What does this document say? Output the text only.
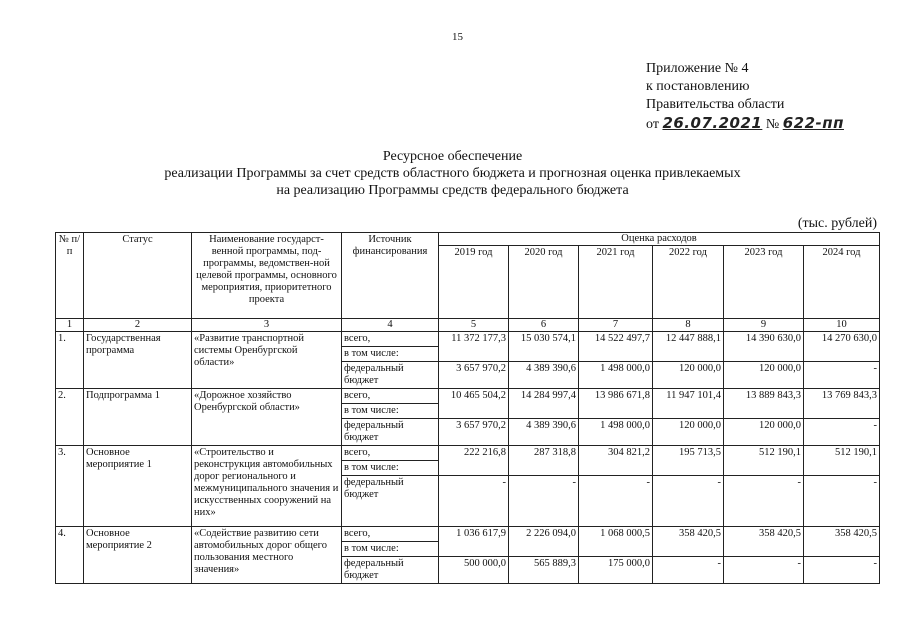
15
Приложение № 4
к постановлению
Правительства области
от 26.07.2021 № 622-пп
Ресурсное обеспечение
реализации Программы за счет средств областного бюджета и прогнозная оценка привлекаемых
на реализацию Программы средств федерального бюджета
(тыс. рублей)
№ п/п	Статус	Наименование государст-венной программы, под-программы, ведомствен-ной целевой программы, основного мероприятия, приоритетного проекта	Источник финансирования	Оценка расходов					
				2019 год	2020 год	2021 год	2022 год	2023 год	2024 год
1	2	3	4	5	6	7	8	9	10
1.	Государственная программа	«Развитие транспортной системы Оренбургской области»	всего,	11 372 177,3	15 030 574,1	14 522 497,7	12 447 888,1	14 390 630,0	14 270 630,0
			в том числе:						
			федеральный бюджет	3 657 970,2	4 389 390,6	1 498 000,0	120 000,0	120 000,0	-
2.	Подпрограмма 1	«Дорожное хозяйство Оренбургской области»	всего,	10 465 504,2	14 284 997,4	13 986 671,8	11 947 101,4	13 889 843,3	13 769 843,3
			в том числе:						
			федеральный бюджет	3 657 970,2	4 389 390,6	1 498 000,0	120 000,0	120 000,0	-
3.	Основное мероприятие 1	«Строительство и реконструкция автомобильных дорог регионального и межмуниципального значения и искусственных сооружений на них»	всего,	222 216,8	287 318,8	304 821,2	195 713,5	512 190,1	512 190,1
			в том числе:						
			федеральный бюджет	-	-	-	-	-	-
4.	Основное мероприятие 2	«Содействие развитию сети автомобильных дорог общего пользования местного значения»	всего,	1 036 617,9	2 226 094,0	1 068 000,5	358 420,5	358 420,5	358 420,5
			в том числе:						
			федеральный бюджет	500 000,0	565 889,3	175 000,0	-	-	-
